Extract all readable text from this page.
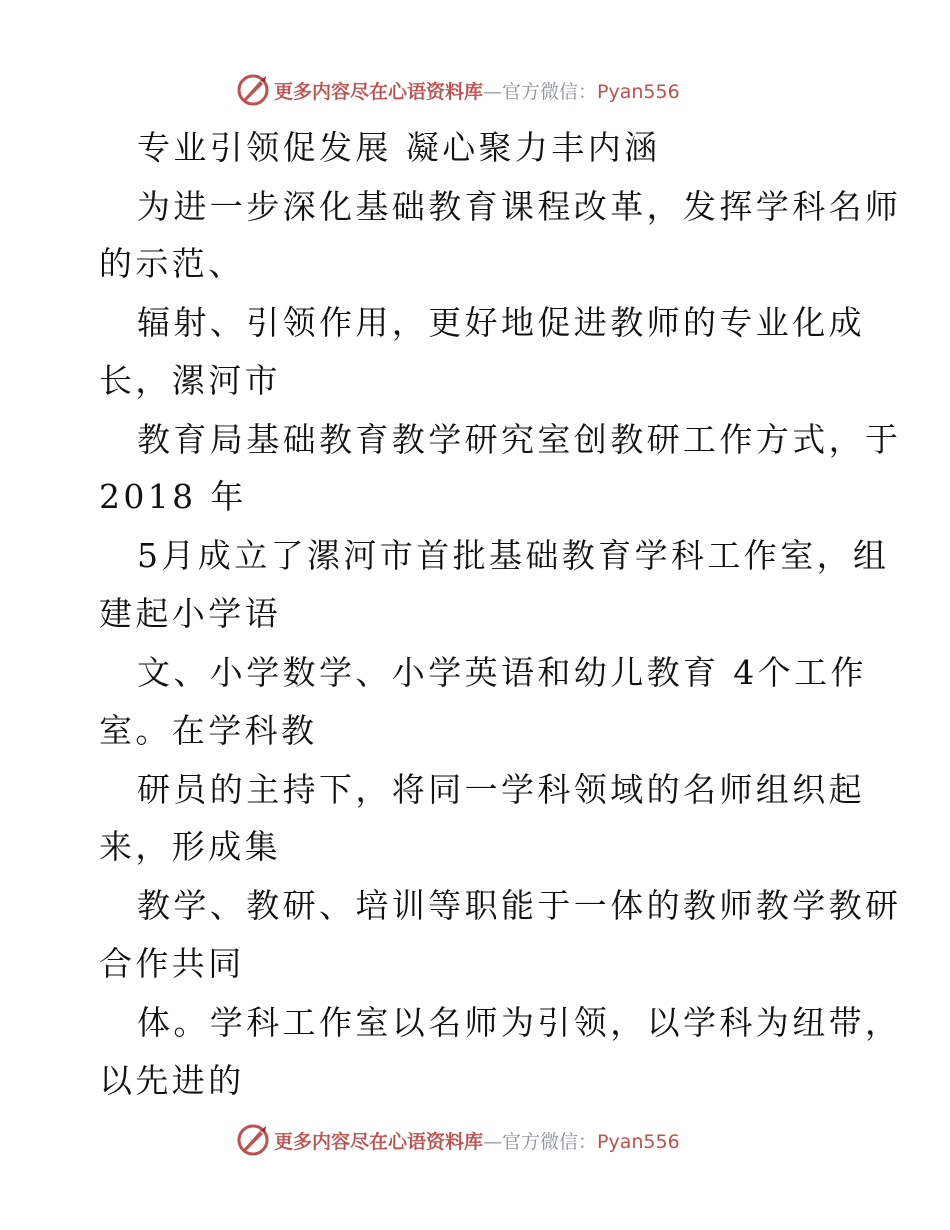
更多内容尽在心语资料库—官方微信：Pyan556
专业引领促发展 凝心聚力丰内涵
为进一步深化基础教育课程改革，发挥学科名师
的示范、
辐射、引领作用，更好地促进教师的专业化成
长，漯河市
教育局基础教育教学研究室创教研工作方式，于
2018 年
5月成立了漯河市首批基础教育学科工作室，组
建起小学语
文、小学数学、小学英语和幼儿教育 4个工作
室。在学科教
研员的主持下，将同一学科领域的名师组织起
来，形成集
教学、教研、培训等职能于一体的教师教学教研
合作共同
体。学科工作室以名师为引领，以学科为纽带，
以先进的
更多内容尽在心语资料库—官方微信：Pyan556
